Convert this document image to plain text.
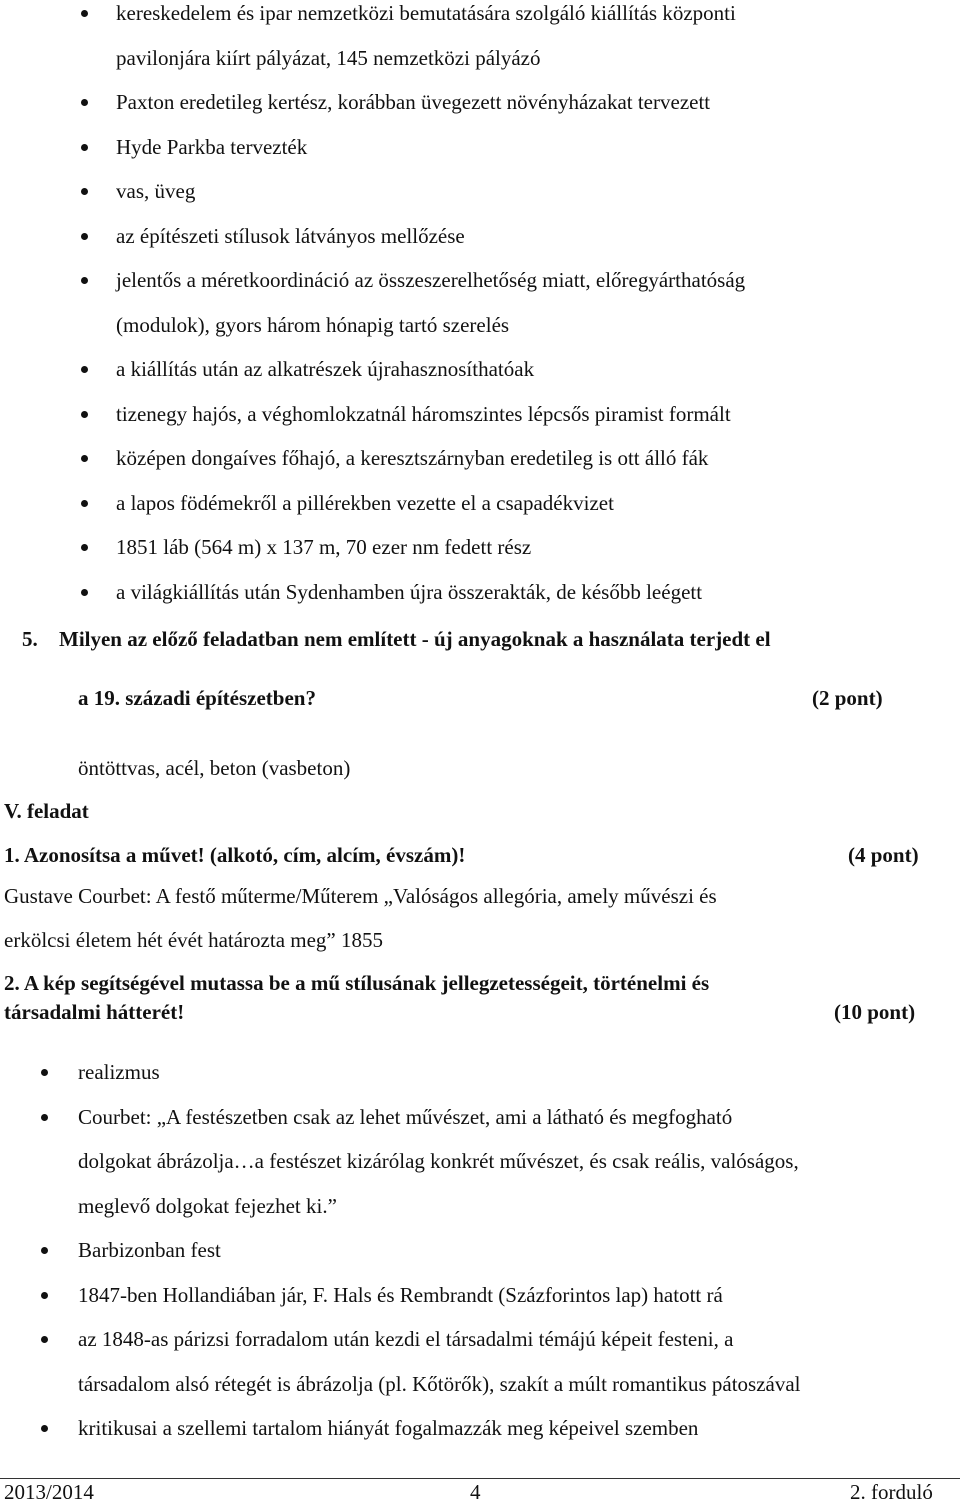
kereskedelem és ipar nemzetközi bemutatására szolgáló kiállítás központi
pavilonjára kiírt pályázat, 145 nemzetközi pályázó
Paxton eredetileg kertész, korábban üvegezett növényházakat tervezett
Hyde Parkba tervezték
vas, üveg
az építészeti stílusok látványos mellőzése
jelentős a méretkoordináció az összeszerelhetőség miatt, előregyárthatóság
(modulok), gyors három hónapig tartó szerelés
a kiállítás után az alkatrészek újrahasznosíthatóak
tizenegy hajós, a véghomlokzatnál háromszintes lépcsős piramist formált
középen dongaíves főhajó, a keresztszárnyban eredetileg is ott álló fák
a lapos födémekről a pillérekben vezette el a csapadékvizet
1851 láb (564 m) x 137 m, 70 ezer nm fedett rész
a világkiállítás után Sydenhamben újra összerakták, de később leégett
5. Milyen az előző feladatban nem említett - új anyagoknak a használata terjedt el
a 19. századi építészetben?	(2 pont)
öntöttvas, acél, beton (vasbeton)
V. feladat
1. Azonosítsa a művet! (alkotó, cím, alcím, évszám)!	(4 pont)
Gustave Courbet: A festő műterme/Műterem „Valóságos allegória, amely művészi és
erkölcsi életem hét évét határozta meg” 1855
2. A kép segítségével mutassa be a mű stílusának jellegzetességeit, történelmi és
társadalmi hátterét!	(10 pont)
realizmus
Courbet: „A festészetben csak az lehet művészet, ami a látható és megfogható
dolgokat ábrázolja…a festészet kizárólag konkrét művészet, és csak reális, valóságos,
meglevő dolgokat fejezhet ki.”
Barbizonban fest
1847-ben Hollandiában jár, F. Hals és Rembrandt (Százforintos lap) hatott rá
az 1848-as párizsi forradalom után kezdi el társadalmi témájú képeit festeni, a
társadalom alsó rétegét is ábrázolja (pl. Kőtörők), szakít a múlt romantikus pátoszával
kritikusai a szellemi tartalom hiányát fogalmazzák meg képeivel szemben
2013/2014	4	2. forduló
